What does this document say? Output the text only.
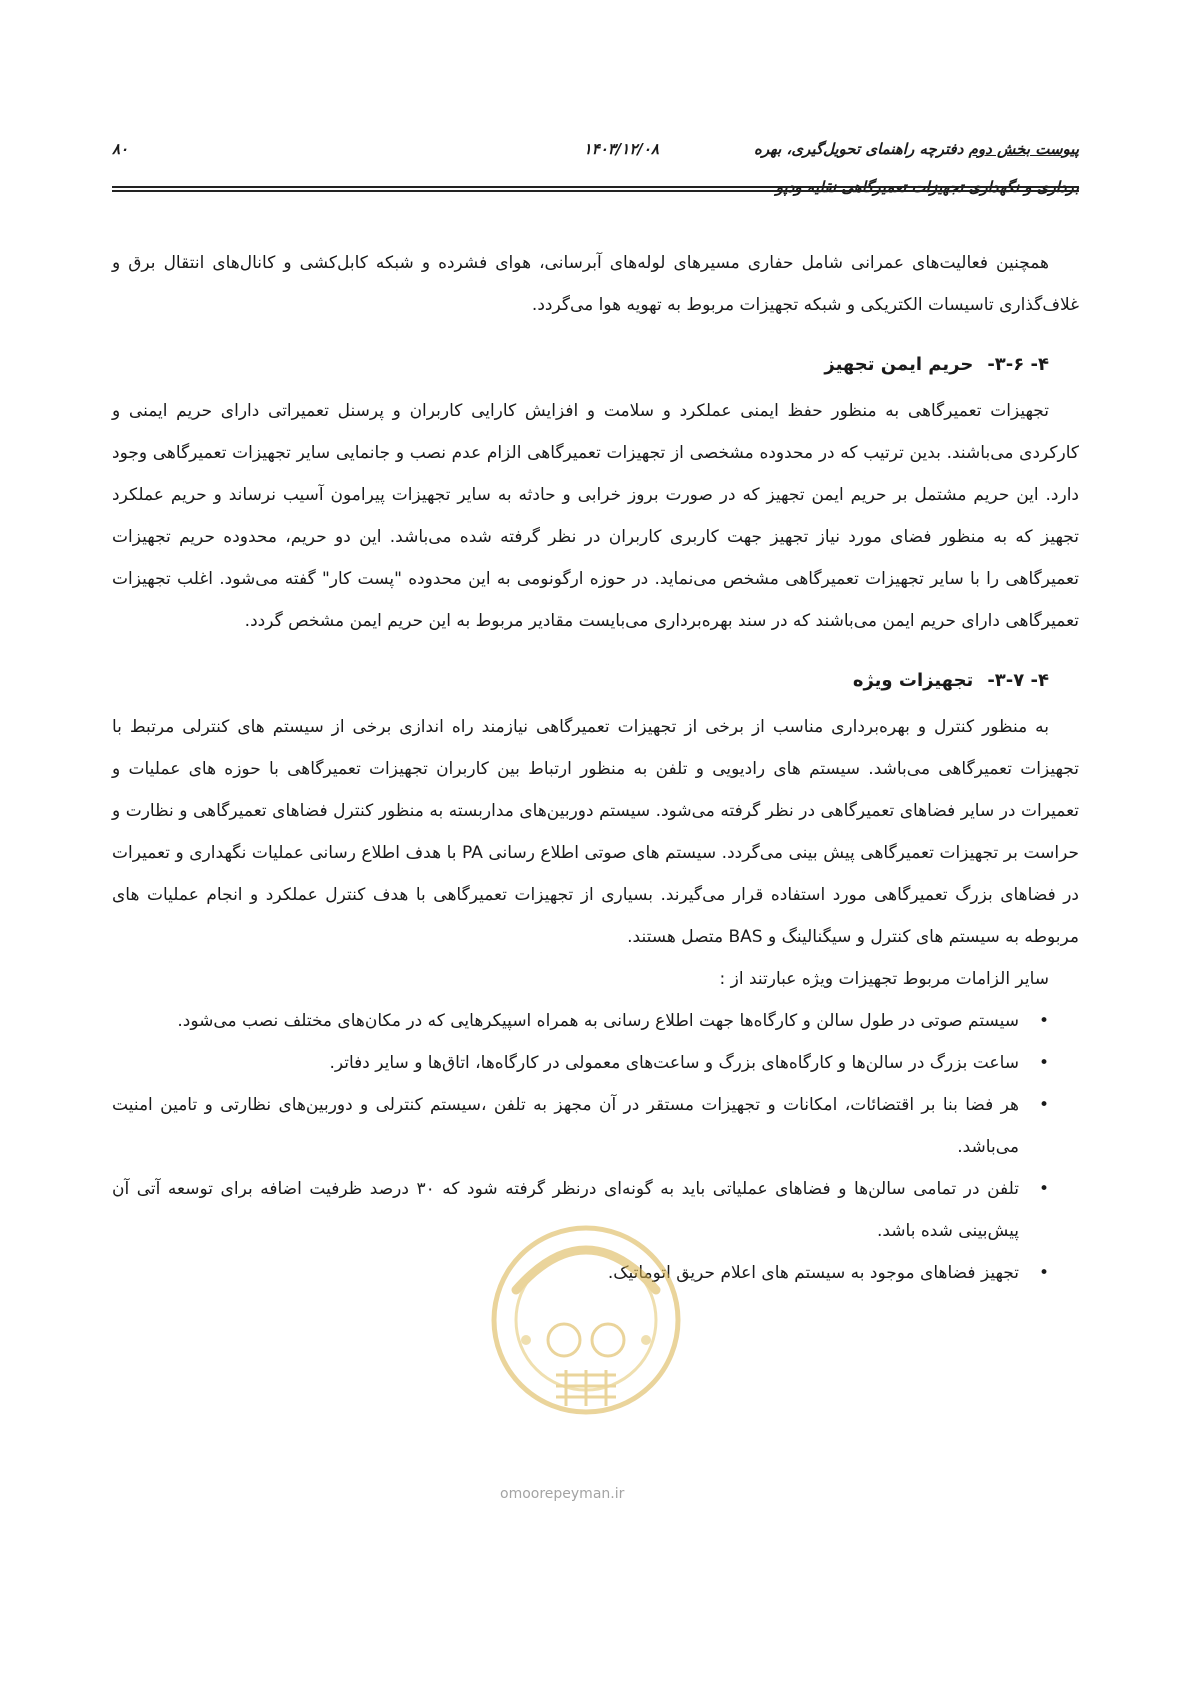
پیوست بخش دوم دفترچه راهنمای تحویل‌گیری، بهره
برداری و نگهداری تجهیزات تعمیرگاهی نقلیه ودپو
۱۴۰۳/۱۲/۰۸
۸۰

همچنین فعالیت‌های عمرانی شامل حفاری مسیرهای لوله‌های آبرسانی، هوای فشرده و شبکه کابل‌کشی و کانال‌های انتقال برق و غلاف‌گذاری تاسیسات الکتریکی و شبکه تجهیزات مربوط به تهویه هوا می‌گردد.

۴- ۳-۶-حریم ایمن تجهیز

تجهیزات تعمیرگاهی به منظور حفظ ایمنی عملکرد و سلامت و افزایش کارایی کاربران و پرسنل تعمیراتی دارای حریم ایمنی و کارکردی می‌باشند. بدین ترتیب که در محدوده مشخصی از تجهیزات تعمیرگاهی الزام عدم نصب و جانمایی سایر تجهیزات تعمیرگاهی وجود دارد. این حریم مشتمل بر حریم ایمن تجهیز که در صورت بروز خرابی و حادثه به سایر تجهیزات پیرامون آسیب نرساند و حریم عملکرد تجهیز که به منظور فضای مورد نیاز تجهیز جهت کاربری کاربران در نظر گرفته شده می‌باشد. این دو حریم، محدوده حریم تجهیزات تعمیرگاهی را با سایر تجهیزات تعمیرگاهی مشخص می‌نماید. در حوزه ارگونومی به این محدوده "پست کار" گفته می‌شود. اغلب تجهیزات تعمیرگاهی دارای حریم ایمن می‌باشند که در سند بهره‌برداری می‌بایست مقادیر مربوط به این حریم ایمن مشخص گردد.

۴- ۳-۷-تجهیزات ویژه

به منظور کنترل و بهره‌برداری مناسب از برخی از تجهیزات تعمیرگاهی نیازمند راه اندازی برخی از سیستم های کنترلی مرتبط با تجهیزات تعمیرگاهی می‌باشد. سیستم های رادیویی و تلفن به منظور ارتباط بین کاربران تجهیزات تعمیرگاهی با حوزه های عملیات و تعمیرات در سایر فضاهای تعمیرگاهی در نظر گرفته می‌شود. سیستم دوربین‌های مداربسته به منظور کنترل فضاهای تعمیرگاهی و نظارت و حراست بر تجهیزات تعمیرگاهی پیش بینی می‌گردد. سیستم های صوتی اطلاع رسانی PA با هدف اطلاع رسانی عملیات نگهداری و تعمیرات در فضاهای بزرگ تعمیرگاهی مورد استفاده قرار می‌گیرند. بسیاری از تجهیزات تعمیرگاهی با هدف کنترل عملکرد و انجام عملیات های مربوطه به سیستم های کنترل و سیگنالینگ و BAS متصل هستند.

سایر الزامات مربوط تجهیزات ویژه عبارتند از :
• سیستم صوتی در طول سالن و کارگاه‌ها جهت اطلاع رسانی به همراه اسپیکرهایی که در مکان‌های مختلف نصب می‌شود.
• ساعت بزرگ در سالن‌ها و کارگاه‌های بزرگ و ساعت‌های معمولی در کارگاه‌ها، اتاق‌ها و سایر دفاتر.
• هر فضا بنا بر اقتضائات، امکانات و تجهیزات مستقر در آن مجهز به تلفن ،سیستم کنترلی و دوربین‌های نظارتی و تامین امنیت می‌باشد.
• تلفن در تمامی سالن‌ها و فضاهای عملیاتی باید به گونه‌ای درنظر گرفته شود که ۳۰ درصد ظرفیت اضافه برای توسعه آتی آن پیش‌بینی شده باشد.
• تجهیز فضاهای موجود به سیستم های اعلام حریق اتوماتیک.
omoorepeyman.ir
